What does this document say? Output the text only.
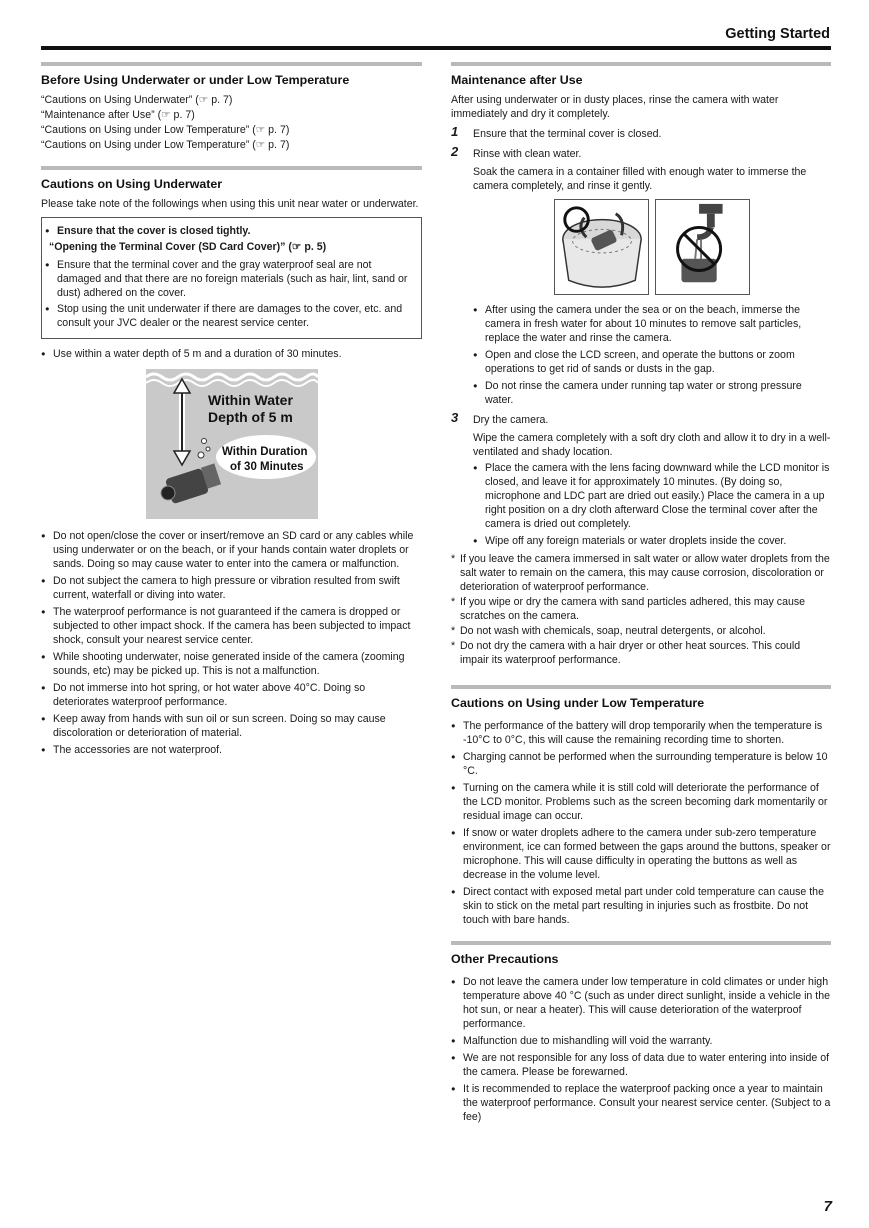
Getting Started
Before Using Underwater or under Low Temperature

“Cautions on Using Underwater” (☞ p. 7)

“Maintenance after Use” (☞ p. 7)

“Cautions on Using under Low Temperature” (☞ p. 7)

“Cautions on Using under Low Temperature” (☞ p. 7)

Cautions on Using Underwater

Please take note of the followings when using this unit near water or underwater.

● Ensure that the cover is closed tightly.

“Opening the Terminal Cover (SD Card Cover)” (☞ p. 5)

● Ensure that the terminal cover and the gray waterproof seal are not damaged and that there are no foreign materials (such as hair, lint, sand or dust) adhered on the cover.
● Stop using the unit underwater if there are damages to the cover, etc. and consult your JVC dealer or the nearest service center.
● Use within a water depth of 5 m and a duration of 30 minutes.
Within Water
Depth of 5 m
Within Duration
of 30 Minutes
● Do not open/close the cover or insert/remove an SD card or any cables while using underwater or on the beach, or if your hands contain water droplets or sands. Doing so may cause water to enter into the camera or malfunction.
● Do not subject the camera to high pressure or vibration resulted from swift current, waterfall or diving into water.
● The waterproof performance is not guaranteed if the camera is dropped or subjected to other impact shock. If the camera has been subjected to impact shock, consult your nearest service center.
● While shooting underwater, noise generated inside of the camera (zooming sounds, etc) may be picked up. This is not a malfunction.
● Do not immerse into hot spring, or hot water above 40°C. Doing so deteriorates waterproof performance.
● Keep away from hands with sun oil or sun screen. Doing so may cause discoloration or deterioration of material.
● The accessories are not waterproof.
Maintenance after Use

After using underwater or in dusty places, rinse the camera with water immediately and dry it completely.

1 Ensure that the terminal cover is closed.

2 Rinse with clean water.

Soak the camera in a container filled with enough water to immerse the camera completely, and rinse it gently.

● After using the camera under the sea or on the beach, immerse the camera in fresh water for about 10 minutes to remove salt particles, replace the water and rinse the camera.
● Open and close the LCD screen, and operate the buttons or zoom operations to get rid of sands or dusts in the gap.
● Do not rinse the camera under running tap water or strong pressure water.
3 Dry the camera.

Wipe the camera completely with a soft dry cloth and allow it to dry in a well-ventilated and shady location.

● Place the camera with the lens facing downward while the LCD monitor is closed, and leave it for approximately 10 minutes. (By doing so, microphone and LDC part are dried out easily.) Place the camera in a up right position on a dry cloth afterward Close the terminal cover after the camera is dried out completely.
● Wipe off any foreign materials or water droplets inside the cover.
* If you leave the camera immersed in salt water or allow water droplets from the salt water to remain on the camera, this may cause corrosion, discoloration or deterioration of waterproof performance.
* If you wipe or dry the camera with sand particles adhered, this may cause scratches on the camera.
* Do not wash with chemicals, soap, neutral detergents, or alcohol.
* Do not dry the camera with a hair dryer or other heat sources. This could impair its waterproof performance.
Cautions on Using under Low Temperature
● The performance of the battery will drop temporarily when the temperature is -10°C to 0°C, this will cause the remaining recording time to shorten.
● Charging cannot be performed when the surrounding temperature is below 10 °C.
● Turning on the camera while it is still cold will deteriorate the performance of the LCD monitor. Problems such as the screen becoming dark momentarily or residual image can occur.
● If snow or water droplets adhere to the camera under sub-zero temperature environment, ice can formed between the gaps around the buttons, speaker or microphone. This will cause difficulty in operating the buttons as well as decrease in the volume level.
● Direct contact with exposed metal part under cold temperature can cause the skin to stick on the metal part resulting in injuries such as frostbite. Do not touch with bare hands.
Other Precautions
● Do not leave the camera under low temperature in cold climates or under high temperature above 40 °C (such as under direct sunlight, inside a vehicle in the hot sun, or near a heater). This will cause deterioration of the waterproof performance.
● Malfunction due to mishandling will void the warranty.
● We are not responsible for any loss of data due to water entering into inside of the camera. Please be forewarned.
● It is recommended to replace the waterproof packing once a year to maintain the waterproof performance. Consult your nearest service center. (Subject to a fee)
7
